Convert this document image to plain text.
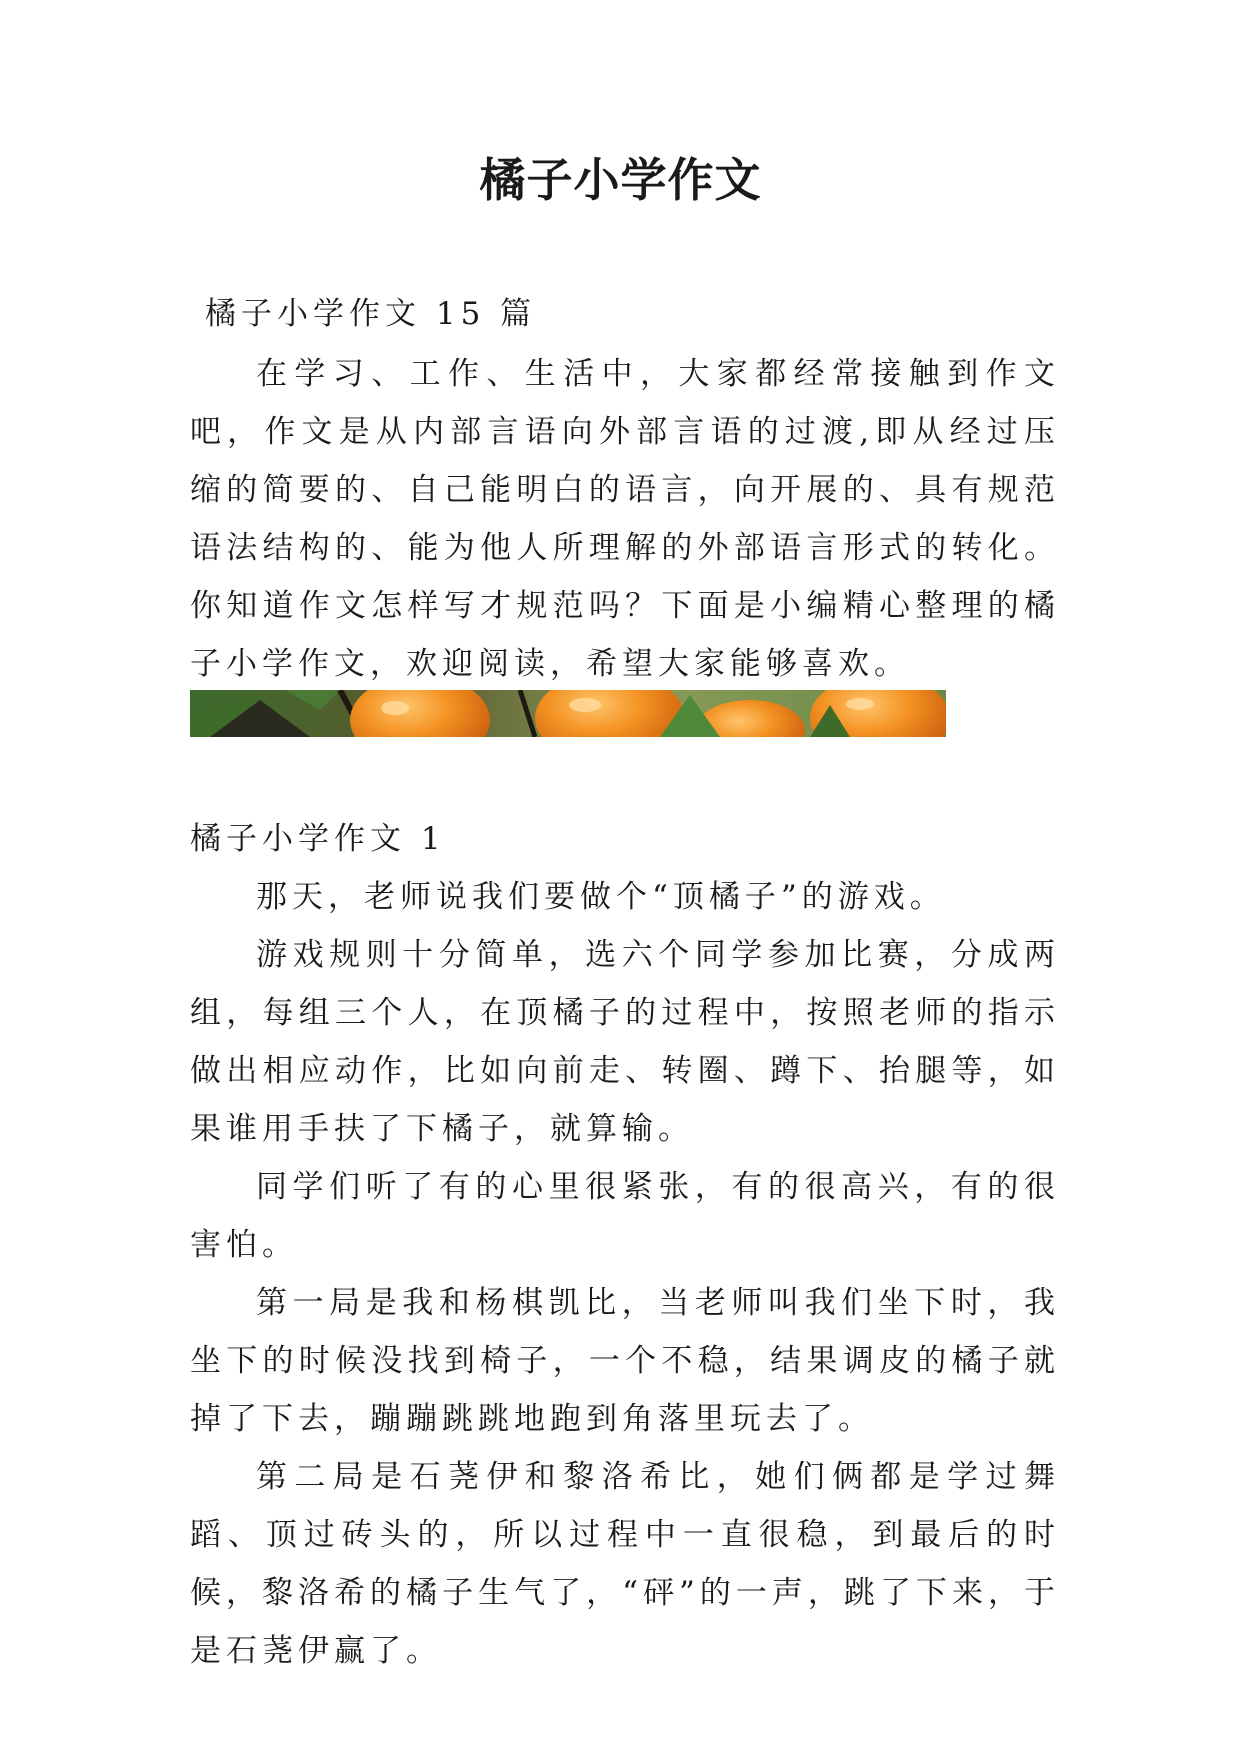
橘子小学作文

橘子小学作文 15 篇

在学习、工作、生活中，大家都经常接触到作文吧，作文是从内部言语向外部言语的过渡,即从经过压缩的简要的、自己能明白的语言，向开展的、具有规范语法结构的、能为他人所理解的外部语言形式的转化。你知道作文怎样写才规范吗？下面是小编精心整理的橘子小学作文，欢迎阅读，希望大家能够喜欢。

橘子小学作文 1

那天，老师说我们要做个“顶橘子”的游戏。

游戏规则十分简单，选六个同学参加比赛，分成两组，每组三个人，在顶橘子的过程中，按照老师的指示做出相应动作，比如向前走、转圈、蹲下、抬腿等，如果谁用手扶了下橘子，就算输。

同学们听了有的心里很紧张，有的很高兴，有的很害怕。

第一局是我和杨棋凯比，当老师叫我们坐下时，我坐下的时候没找到椅子，一个不稳，结果调皮的橘子就掉了下去，蹦蹦跳跳地跑到角落里玩去了。

第二局是石荛伊和黎洛希比，她们俩都是学过舞蹈、顶过砖头的，所以过程中一直很稳，到最后的时候，黎洛希的橘子生气了，“砰”的一声，跳了下来，于是石荛伊赢了。
